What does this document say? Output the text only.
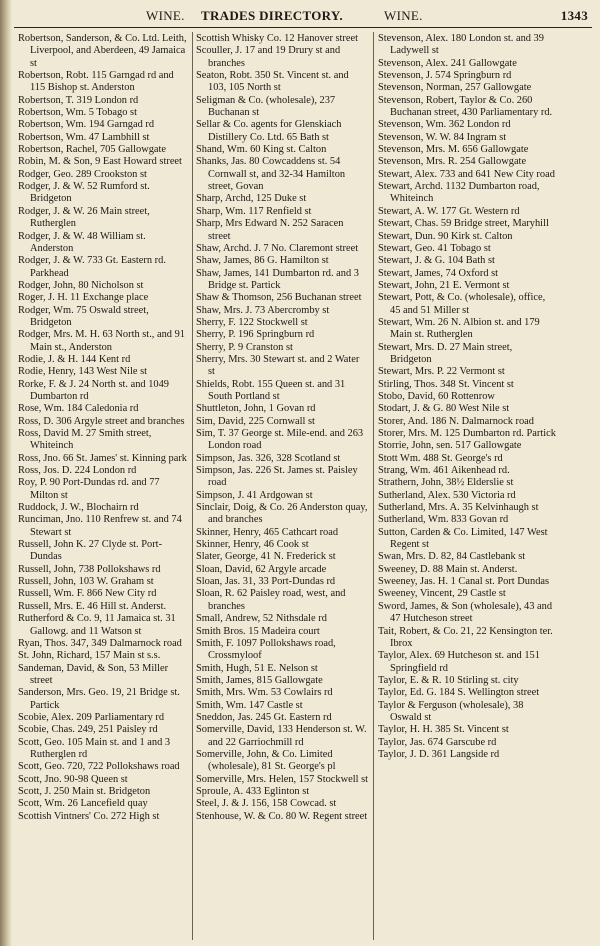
WINE. TRADES DIRECTORY.	WINE.	1343

Robertson, Sanderson, & Co. Ltd. Leith, Liverpool, and Aberdeen, 49 Jamaica st

Robertson, Robt. 115 Garngad rd and 115 Bishop st. Anderston

Robertson, T. 319 London rd

Robertson, Wm. 5 Tobago st

Robertson, Wm. 194 Garngad rd

Robertson, Wm. 47 Lambhill st

Robertson, Rachel, 705 Gallowgate

Robin, M. & Son, 9 East Howard street

Rodger, Geo. 289 Crookston st

Rodger, J. & W. 52 Rumford st. Bridgeton

Rodger, J. & W. 26 Main street, Rutherglen

Rodger, J. & W. 48 William st. Anderston

Rodger, J. & W. 733 Gt. Eastern rd. Parkhead

Rodger, John, 80 Nicholson st

Roger, J. H. 11 Exchange place

Rodger, Wm. 75 Oswald street, Bridgeton

Rodger, Mrs. M. H. 63 North st., and 91 Main st., Anderston

Rodie, J. & H. 144 Kent rd

Rodie, Henry, 143 West Nile st

Rorke, F. & J. 24 North st. and 1049 Dumbarton rd

Rose, Wm. 184 Caledonia rd

Ross, D. 306 Argyle street and branches

Ross, David M. 27 Smith street, Whiteinch

Ross, Jno. 66 St. James' st. Kinning park

Ross, Jos. D. 224 London rd

Roy, P. 90 Port-Dundas rd. and 77 Milton st

Ruddock, J. W., Blochairn rd

Runciman, Jno. 110 Renfrew st. and 74 Stewart st

Russell, John K. 27 Clyde st. Port-Dundas

Russell, John, 738 Pollokshaws rd

Russell, John, 103 W. Graham st

Russell, Wm. F. 866 New City rd

Russell, Mrs. E. 46 Hill st. Anderst.

Rutherford & Co. 9, 11 Jamaica st. 31 Gallowg. and 11 Watson st

Ryan, Thos. 347, 349 Dalmarnock road

St. John, Richard, 157 Main st s.s.

Sandeman, David, & Son, 53 Miller street

Sanderson, Mrs. Geo. 19, 21 Bridge st. Partick

Scobie, Alex. 209 Parliamentary rd

Scobie, Chas. 249, 251 Paisley rd

Scott, Geo. 105 Main st. and 1 and 3 Rutherglen rd

Scott, Geo. 720, 722 Pollokshaws road

Scott, Jno. 90-98 Queen st

Scott, J. 250 Main st. Bridgeton

Scott, Wm. 26 Lancefield quay

Scottish Vintners' Co. 272 High st

Scottish Whisky Co. 12 Hanover street

Scouller, J. 17 and 19 Drury st and branches

Seaton, Robt. 350 St. Vincent st. and 103, 105 North st

Seligman & Co. (wholesale), 237 Buchanan st

Sellar & Co. agents for Glenskiach Distillery Co. Ltd. 65 Bath st

Shand, Wm. 60 King st. Calton

Shanks, Jas. 80 Cowcaddens st. 54 Cornwall st, and 32-34 Hamilton street, Govan

Sharp, Archd, 125 Duke st

Sharp, Wm. 117 Renfield st

Sharp, Mrs Edward N. 252 Saracen street

Shaw, Archd. J. 7 No. Claremont street

Shaw, James, 86 G. Hamilton st

Shaw, James, 141 Dumbarton rd. and 3 Bridge st. Partick

Shaw & Thomson, 256 Buchanan street

Shaw, Mrs. J. 73 Abercromby st

Sherry, F. 122 Stockwell st

Sherry, P. 196 Springburn rd

Sherry, P. 9 Cranston st

Sherry, Mrs. 30 Stewart st. and 2 Water st

Shields, Robt. 155 Queen st. and 31 South Portland st

Shuttleton, John, 1 Govan rd

Sim, David, 225 Cornwall st

Sim, T. 37 George st. Mile-end. and 263 London road

Simpson, Jas. 326, 328 Scotland st

Simpson, Jas. 226 St. James st. Paisley road

Simpson, J. 41 Ardgowan st

Sinclair, Doig, & Co. 26 Anderston quay, and branches

Skinner, Henry, 465 Cathcart road

Skinner, Henry, 46 Cook st

Slater, George, 41 N. Frederick st

Sloan, David, 62 Argyle arcade

Sloan, Jas. 31, 33 Port-Dundas rd

Sloan, R. 62 Paisley road, west, and branches

Small, Andrew, 52 Nithsdale rd

Smith Bros. 15 Madeira court

Smith, F. 1097 Pollokshaws road, Crossmyloof

Smith, Hugh, 51 E. Nelson st

Smith, James, 815 Gallowgate

Smith, Mrs. Wm. 53 Cowlairs rd

Smith, Wm. 147 Castle st

Sneddon, Jas. 245 Gt. Eastern rd

Somerville, David, 133 Henderson st. W. and 22 Garriochmill rd

Somerville, John, & Co. Limited (wholesale), 81 St. George's pl

Somerville, Mrs. Helen, 157 Stockwell st

Sproule, A. 433 Eglinton st

Steel, J. & J. 156, 158 Cowcad. st

Stenhouse, W. & Co. 80 W. Regent street

Stevenson, Alex. 180 London st. and 39 Ladywell st

Stevenson, Alex. 241 Gallowgate

Stevenson, J. 574 Springburn rd

Stevenson, Norman, 257 Gallowgate

Stevenson, Robert, Taylor & Co. 260 Buchanan street, 430 Parliamentary rd.

Stevenson, Wm. 362 London rd

Stevenson, W. W. 84 Ingram st

Stevenson, Mrs. M. 656 Gallowgate

Stevenson, Mrs. R. 254 Gallowgate

Stewart, Alex. 733 and 641 New City road

Stewart, Archd. 1132 Dumbarton road, Whiteinch

Stewart, A. W. 177 Gt. Western rd

Stewart, Chas. 59 Bridge street, Maryhill

Stewart, Dun. 90 Kirk st. Calton

Stewart, Geo. 41 Tobago st

Stewart, J. & G. 104 Bath st

Stewart, James, 74 Oxford st

Stewart, John, 21 E. Vermont st

Stewart, Pott, & Co. (wholesale), office, 45 and 51 Miller st

Stewart, Wm. 26 N. Albion st. and 179 Main st. Rutherglen

Stewart, Mrs. D. 27 Main street, Bridgeton

Stewart, Mrs. P. 22 Vermont st

Stirling, Thos. 348 St. Vincent st

Stobo, David, 60 Rottenrow

Stodart, J. & G. 80 West Nile st

Storer, And. 186 N. Dalmarnock road

Storer, Mrs. M. 125 Dumbarton rd. Partick

Storrie, John, sen. 517 Gallowgate

Stott Wm. 488 St. George's rd

Strang, Wm. 461 Aikenhead rd.

Strathern, John, 38½ Elderslie st

Sutherland, Alex. 530 Victoria rd

Sutherland, Mrs. A. 35 Kelvinhaugh st

Sutherland, Wm. 833 Govan rd

Sutton, Carden & Co. Limited, 147 West Regent st

Swan, Mrs. D. 82, 84 Castlebank st

Sweeney, D. 88 Main st. Anderst.

Sweeney, Jas. H. 1 Canal st. Port Dundas

Sweeney, Vincent, 29 Castle st

Sword, James, & Son (wholesale), 43 and 47 Hutcheson street

Tait, Robert, & Co. 21, 22 Kensington ter. Ibrox

Taylor, Alex. 69 Hutcheson st. and 151 Springfield rd

Taylor, E. & R. 10 Stirling st. city

Taylor, Ed. G. 184 S. Wellington street

Taylor & Ferguson (wholesale), 38 Oswald st

Taylor, H. H. 385 St. Vincent st

Taylor, Jas. 674 Garscube rd

Taylor, J. D. 361 Langside rd
